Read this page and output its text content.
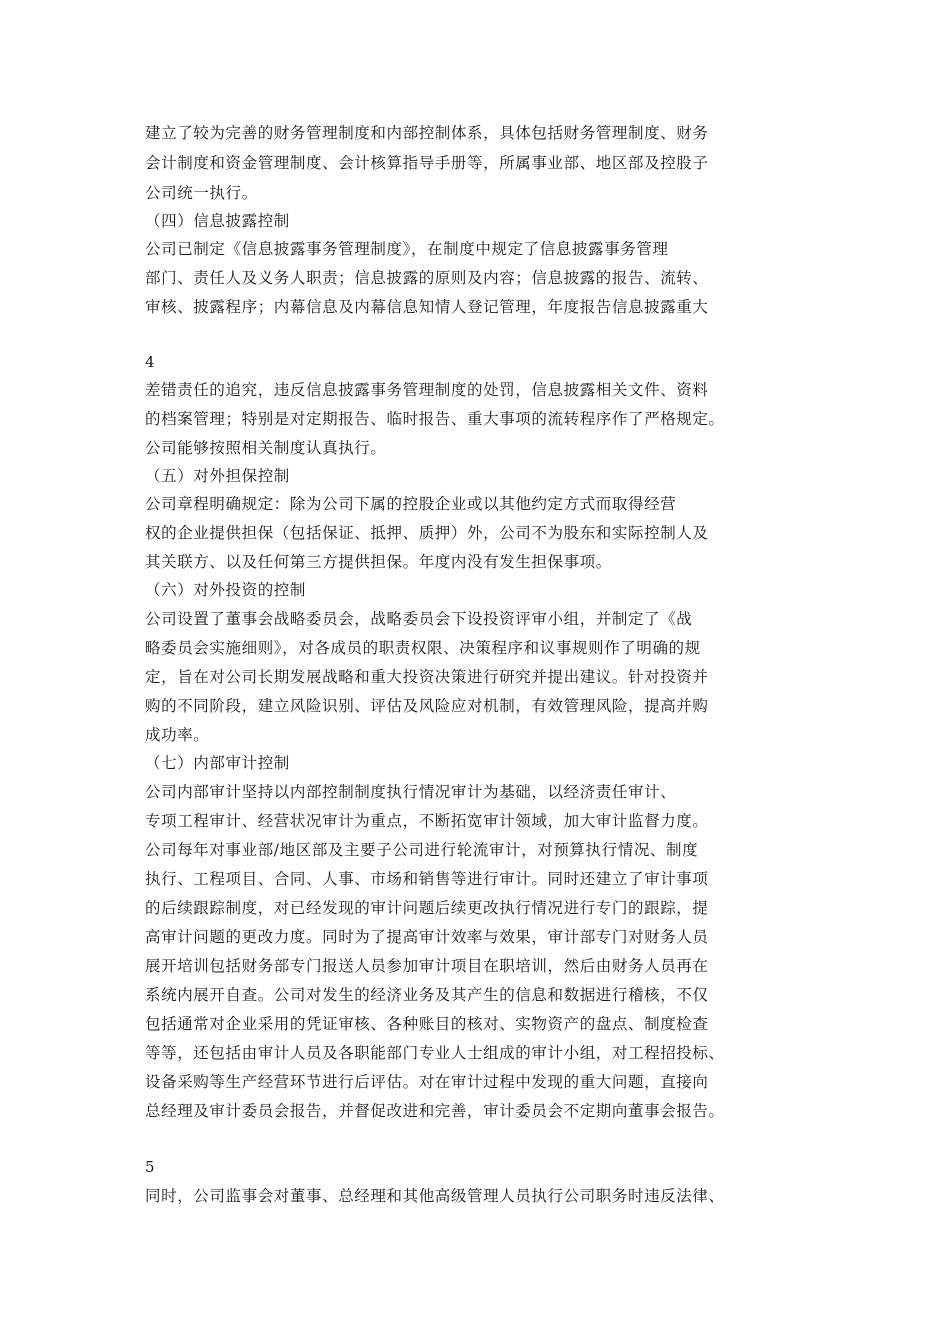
建立了较为完善的财务管理制度和内部控制体系，具体包括财务管理制度、财务
会计制度和资金管理制度、会计核算指导手册等，所属事业部、地区部及控股子
公司统一执行。
（四）信息披露控制
公司已制定《信息披露事务管理制度》，在制度中规定了信息披露事务管理
部门、责任人及义务人职责；信息披露的原则及内容；信息披露的报告、流转、
审核、披露程序；内幕信息及内幕信息知情人登记管理，年度报告信息披露重大
4
差错责任的追究，违反信息披露事务管理制度的处罚，信息披露相关文件、资料
的档案管理；特别是对定期报告、临时报告、重大事项的流转程序作了严格规定。
公司能够按照相关制度认真执行。
（五）对外担保控制
公司章程明确规定：除为公司下属的控股企业或以其他约定方式而取得经营
权的企业提供担保（包括保证、抵押、质押）外，公司不为股东和实际控制人及
其关联方、以及任何第三方提供担保。年度内没有发生担保事项。
（六）对外投资的控制
公司设置了董事会战略委员会，战略委员会下设投资评审小组，并制定了《战
略委员会实施细则》，对各成员的职责权限、决策程序和议事规则作了明确的规
定，旨在对公司长期发展战略和重大投资决策进行研究并提出建议。针对投资并
购的不同阶段，建立风险识别、评估及风险应对机制，有效管理风险，提高并购
成功率。
（七）内部审计控制
公司内部审计坚持以内部控制制度执行情况审计为基础，以经济责任审计、
专项工程审计、经营状况审计为重点，不断拓宽审计领域，加大审计监督力度。
公司每年对事业部/地区部及主要子公司进行轮流审计，对预算执行情况、制度
执行、工程项目、合同、人事、市场和销售等进行审计。同时还建立了审计事项
的后续跟踪制度，对已经发现的审计问题后续更改执行情况进行专门的跟踪，提
高审计问题的更改力度。同时为了提高审计效率与效果，审计部专门对财务人员
展开培训包括财务部专门报送人员参加审计项目在职培训，然后由财务人员再在
系统内展开自查。公司对发生的经济业务及其产生的信息和数据进行稽核，不仅
包括通常对企业采用的凭证审核、各种账目的核对、实物资产的盘点、制度检查
等等，还包括由审计人员及各职能部门专业人士组成的审计小组，对工程招投标、
设备采购等生产经营环节进行后评估。对在审计过程中发现的重大问题，直接向
总经理及审计委员会报告，并督促改进和完善，审计委员会不定期向董事会报告。
5
同时，公司监事会对董事、总经理和其他高级管理人员执行公司职务时违反法律、
